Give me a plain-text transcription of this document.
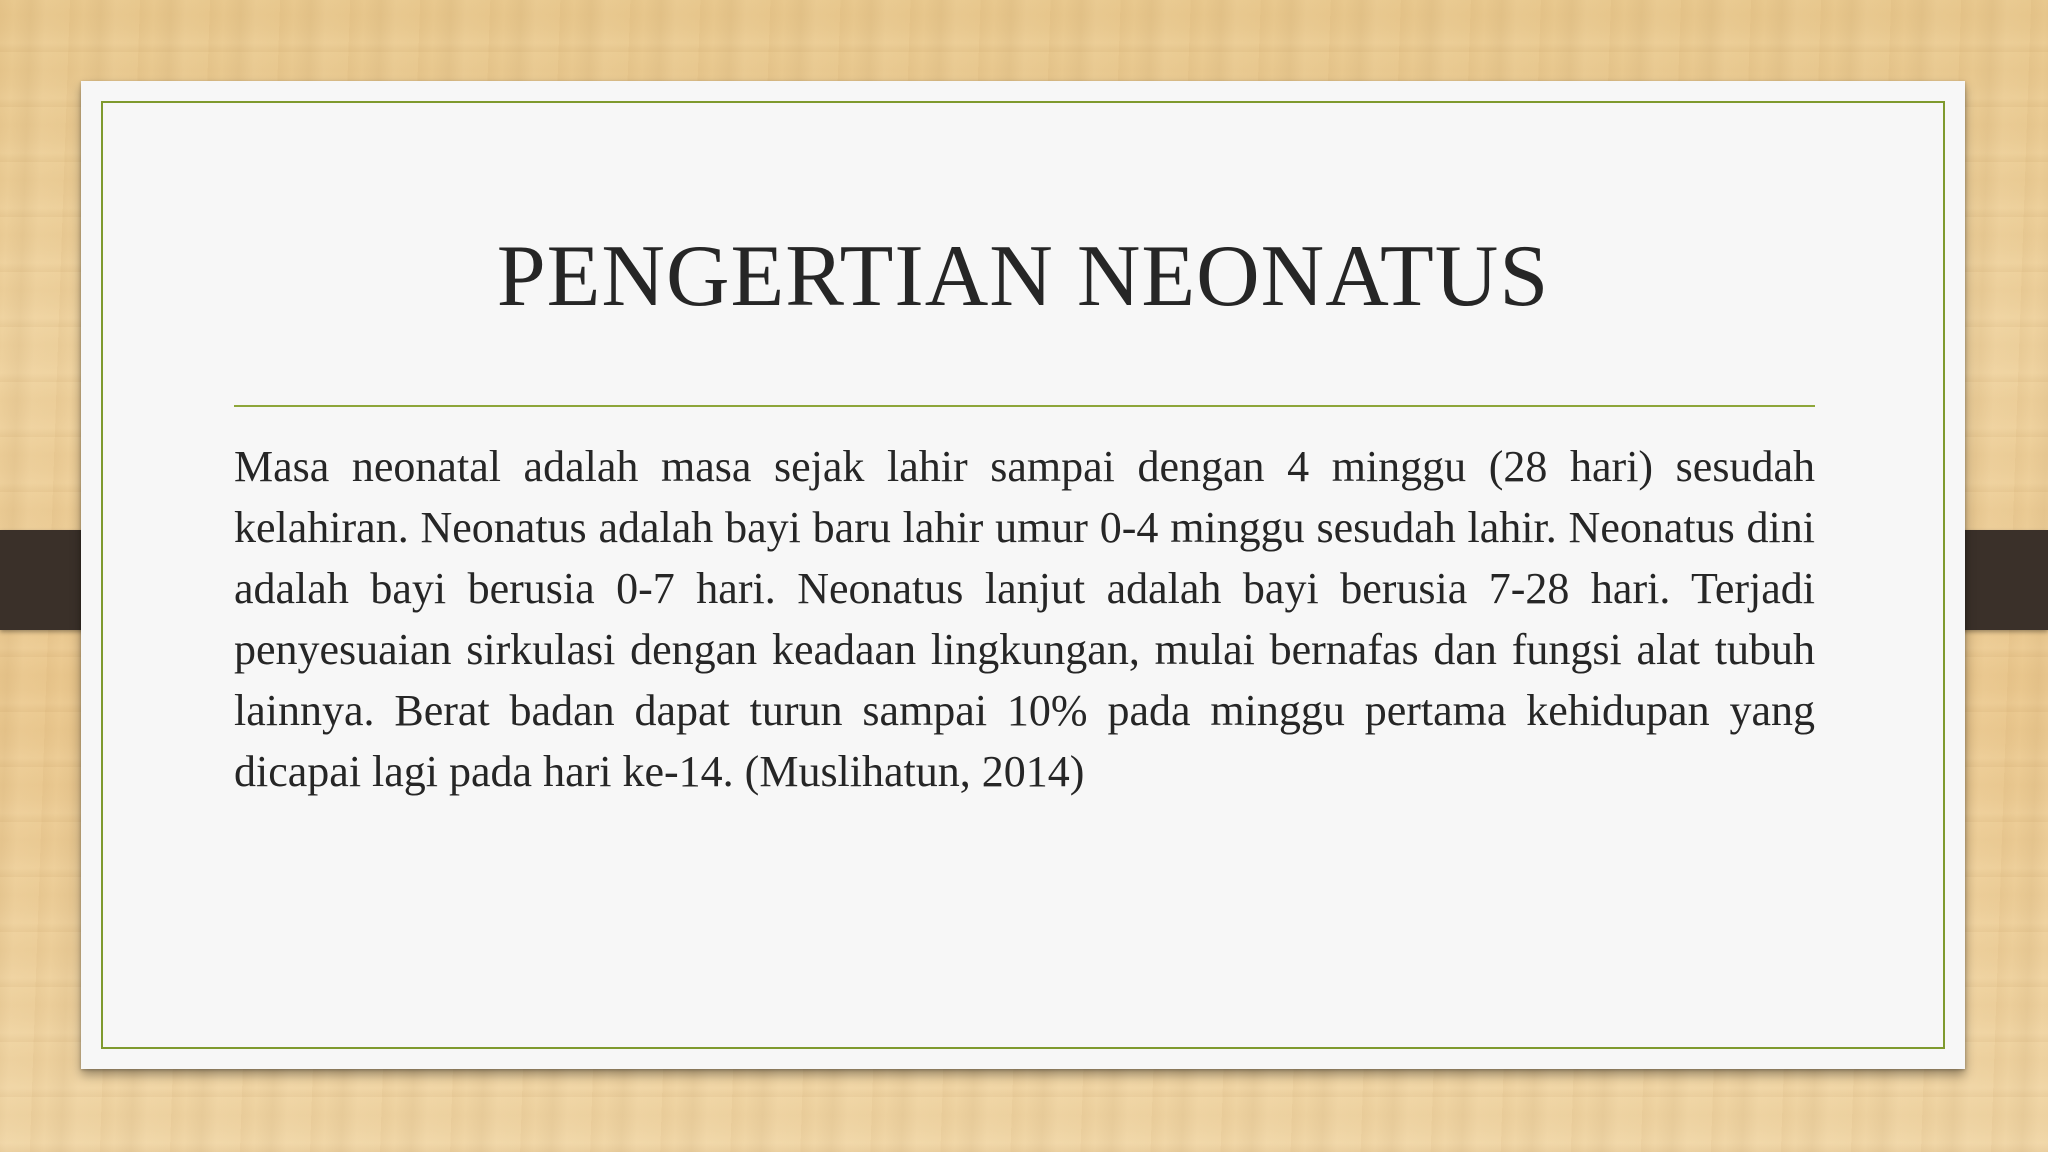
PENGERTIAN NEONATUS

Masa neonatal adalah masa sejak lahir sampai dengan 4 minggu (28 hari) sesudah kelahiran. Neonatus adalah bayi baru lahir umur 0-4 minggu sesudah lahir. Neonatus dini adalah bayi berusia 0-7 hari. Neonatus lanjut adalah bayi berusia 7-28 hari. Terjadi penyesuaian sirkulasi dengan keadaan lingkungan, mulai bernafas dan fungsi alat tubuh lainnya. Berat badan dapat turun sampai 10% pada minggu pertama kehidupan yang dicapai lagi pada hari ke-14. (Muslihatun, 2014)
